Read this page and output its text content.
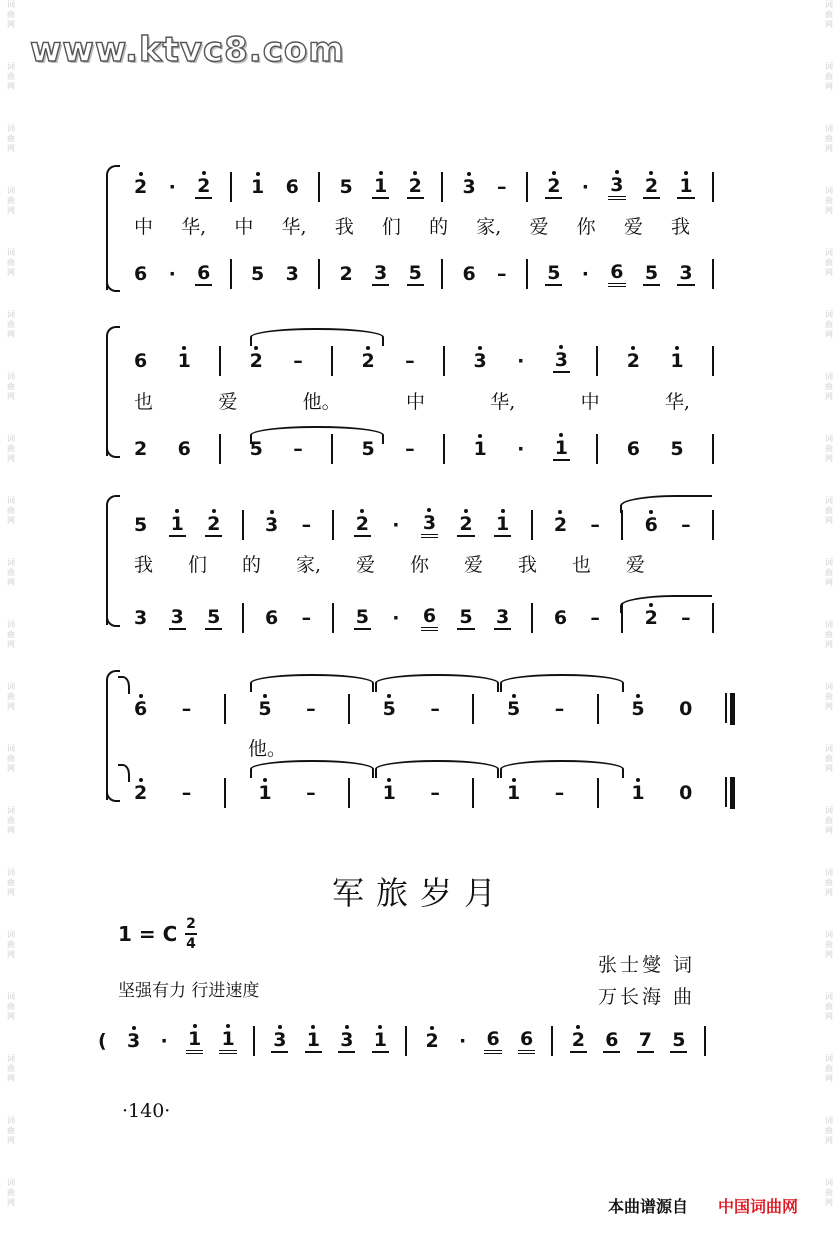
词
曲
网
词
曲
网
词
曲
网
词
曲
网
词
曲
网
词
曲
网
词
曲
网
词
曲
网
词
曲
网
词
曲
网
词
曲
网
词
曲
网
词
曲
网
词
曲
网
词
曲
网
词
曲
网
词
曲
网
词
曲
网
词
曲
网
词
曲
网
词
曲
网
词
曲
网
词
曲
网
词
曲
网
词
曲
网
词
曲
网
词
曲
网
词
曲
网
词
曲
网
词
曲
网
词
曲
网
词
曲
网
词
曲
网
词
曲
网
词
曲
网
词
曲
网
词
曲
网
词
曲
网
词
曲
网
词
曲
网
www.ktvc8.com
2 · 2 1 6 5 1 2 3 – 2 · 3 2 1
中 华, 中 华, 我 们 的 家, 爱 你 爱 我
6 · 6 5 3 2 3 5 6 – 5 · 6 5 3
6 1	2 –	2 –	3 · 3	2 1
也	爱	他。	中	华,	中	华,
2 6	5 –	5 –	1 · 1	6 5
5 1 2 3 – 2 · 3 2 1 2 – 6 –
我 们 的 家, 爱 你 爱 我 也 爱
3 3 5 6 – 5 · 6 5 3 6 – 2 –
6 –	5 –	5 –	5 –	5 0
他。
2 –	1 –	1 –	1 –	1 0
军旅岁月
1 = C 2
4
坚强有力 行进速度
张士燮 词
万长海 曲
( 3 · 1 1 3 1 3 1 2 · 6 6 2 6 7 5
·140·
本曲谱源自 中国词曲网
